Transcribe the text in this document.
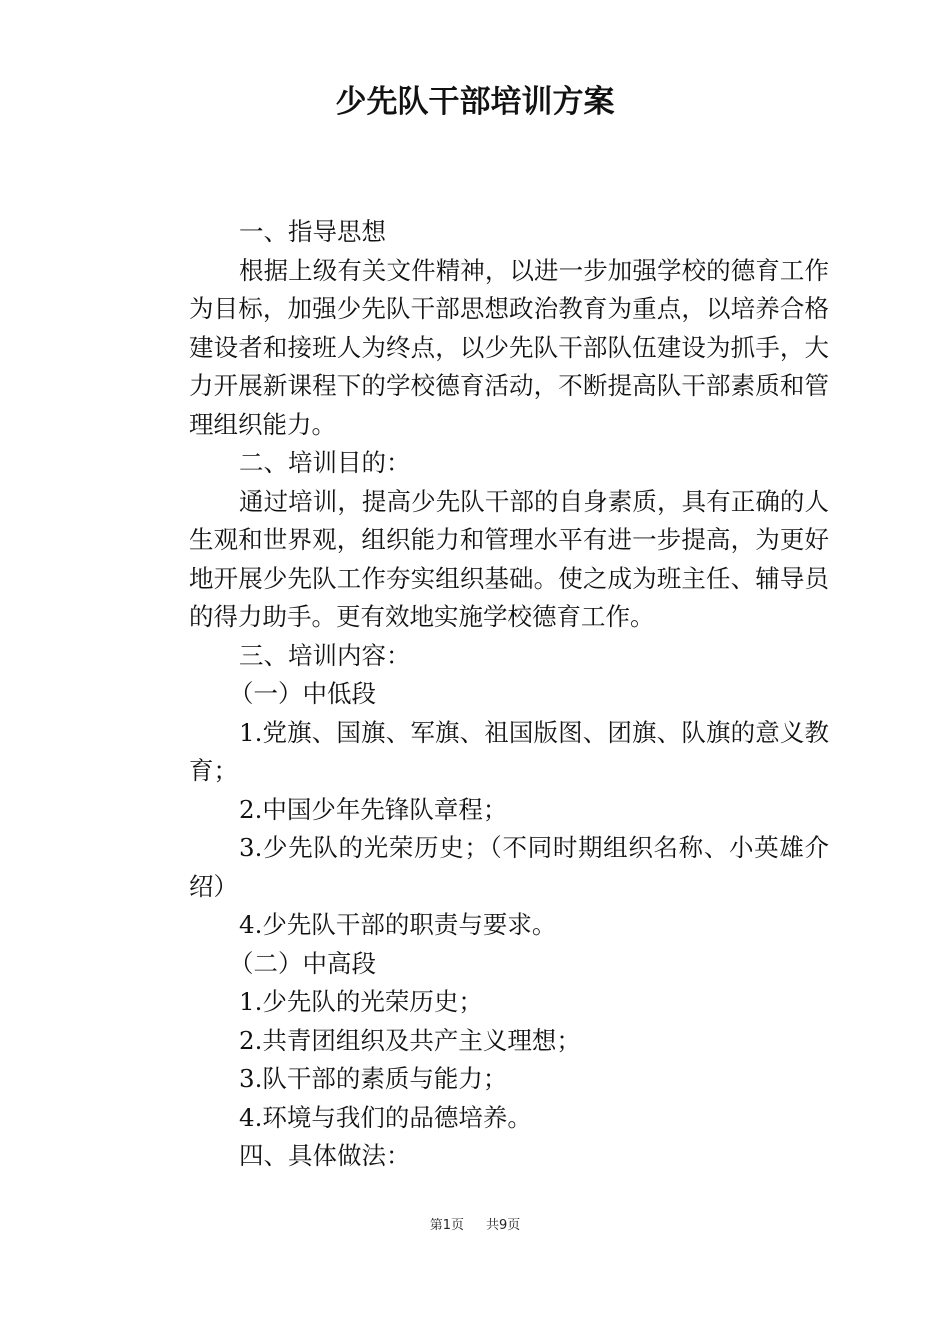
少先队干部培训方案

一、指导思想

根据上级有关文件精神，以进一步加强学校的德育工作为目标，加强少先队干部思想政治教育为重点，以培养合格建设者和接班人为终点，以少先队干部队伍建设为抓手，大力开展新课程下的学校德育活动，不断提高队干部素质和管理组织能力。

二、培训目的：

通过培训，提高少先队干部的自身素质，具有正确的人生观和世界观，组织能力和管理水平有进一步提高，为更好地开展少先队工作夯实组织基础。使之成为班主任、辅导员的得力助手。更有效地实施学校德育工作。

三、培训内容：

（一）中低段

1.党旗、国旗、军旗、祖国版图、团旗、队旗的意义教育；

2.中国少年先锋队章程；

3.少先队的光荣历史；（不同时期组织名称、小英雄介绍）

4.少先队干部的职责与要求。

（二）中高段

1.少先队的光荣历史；

2.共青团组织及共产主义理想；

3.队干部的素质与能力；

4.环境与我们的品德培养。

四、具体做法：

第1页 共9页
